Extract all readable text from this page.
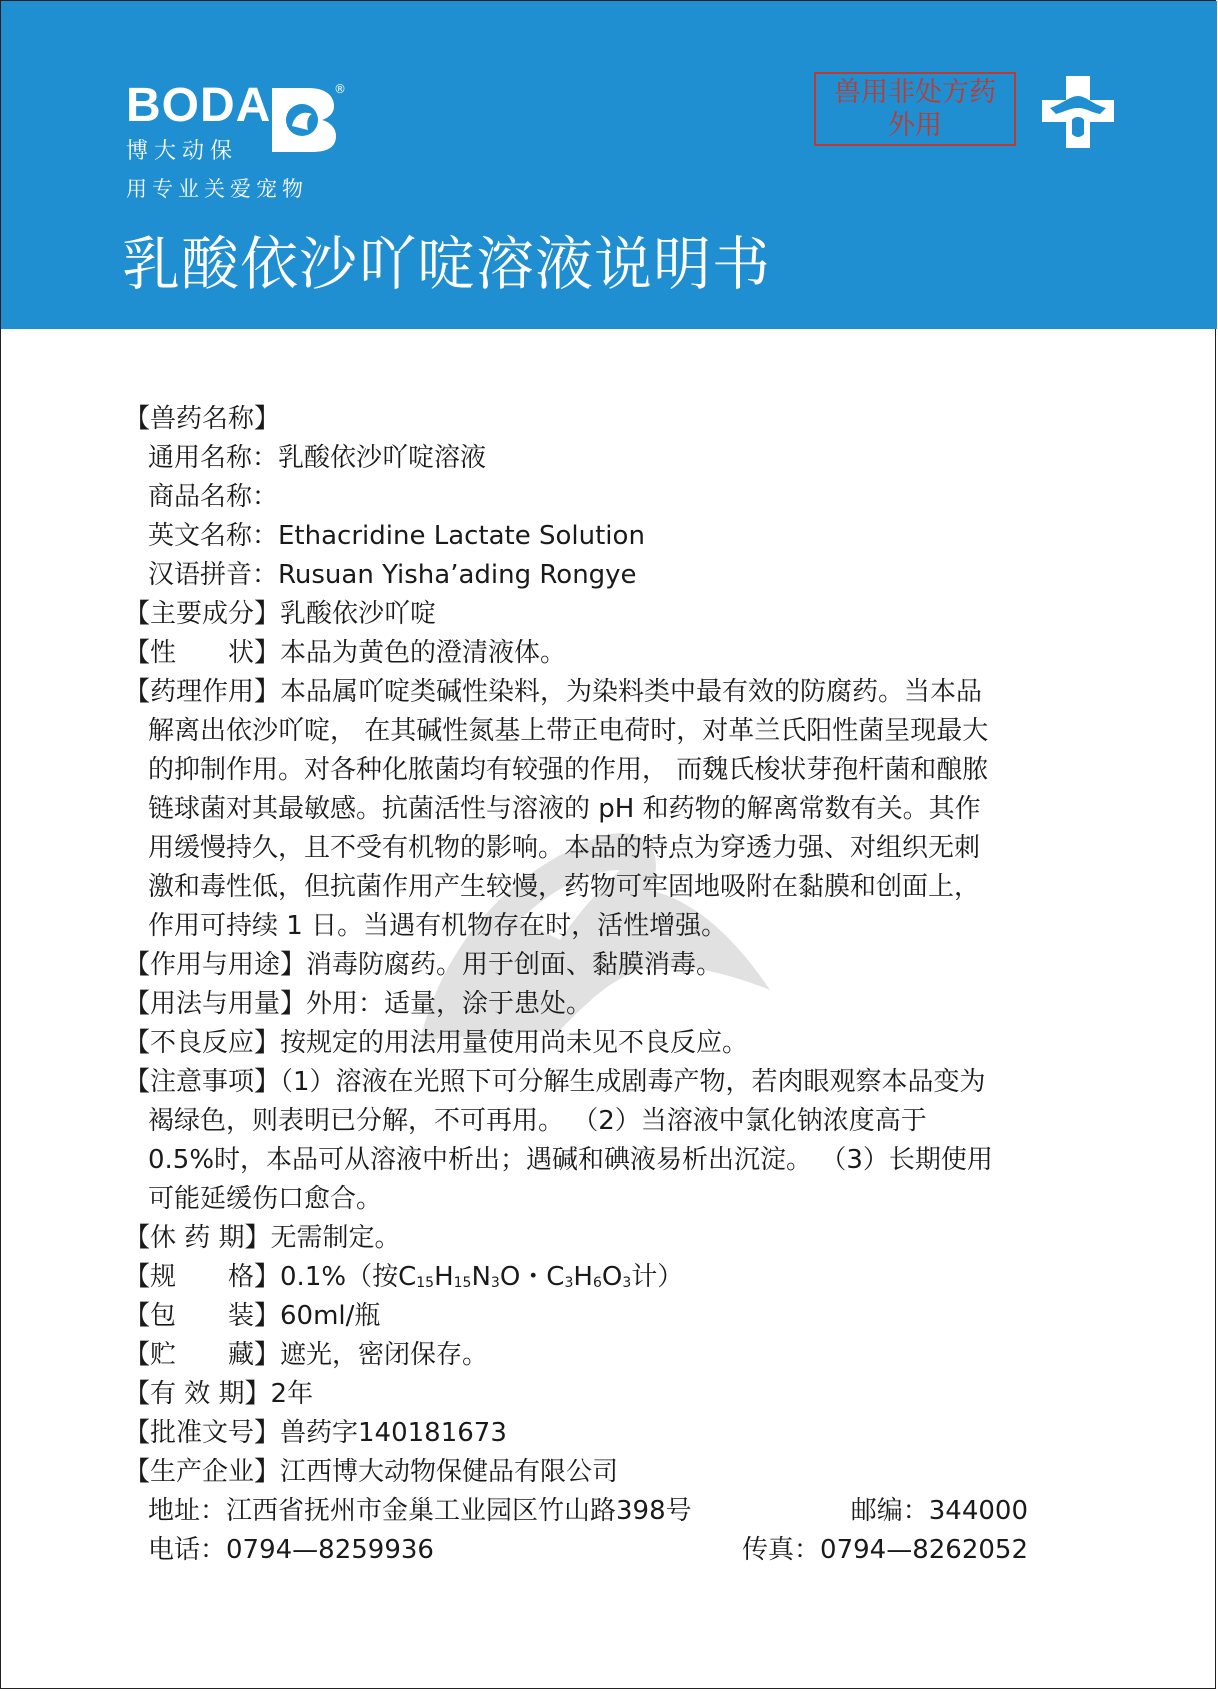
BODA
博大动保
用专业关爱宠物
®	兽用非处方药
外用
乳酸依沙吖啶溶液说明书
【兽药名称】
通用名称：乳酸依沙吖啶溶液
商品名称：
英文名称：Ethacridine Lactate Solution
汉语拼音：Rusuan Yisha’ading Rongye
【主要成分】乳酸依沙吖啶
【性　　状】本品为黄色的澄清液体。
【药理作用】本品属吖啶类碱性染料，为染料类中最有效的防腐药。当本品
解离出依沙吖啶， 在其碱性氮基上带正电荷时，对革兰氏阳性菌呈现最大
的抑制作用。对各种化脓菌均有较强的作用， 而魏氏梭状芽孢杆菌和酿脓
链球菌对其最敏感。抗菌活性与溶液的 pH 和药物的解离常数有关。其作
用缓慢持久，且不受有机物的影响。本品的特点为穿透力强、对组织无刺
激和毒性低，但抗菌作用产生较慢，药物可牢固地吸附在黏膜和创面上，
作用可持续 1 日。当遇有机物存在时，活性增强。
【作用与用途】消毒防腐药。用于创面、黏膜消毒。
【用法与用量】外用：适量，涂于患处。
【不良反应】按规定的用法用量使用尚未见不良反应。
【注意事项】（1）溶液在光照下可分解生成剧毒产物，若肉眼观察本品变为
褐绿色，则表明已分解，不可再用。 （2）当溶液中氯化钠浓度高于
0.5%时，本品可从溶液中析出；遇碱和碘液易析出沉淀。 （3）长期使用
可能延缓伤口愈合。
【休 药 期】无需制定。
【规　　格】0.1%（按$C_{15}H_{15}N_3O$・$C_3H_6O_3$计）
【包　　装】60ml/瓶
【贮　　藏】遮光，密闭保存。
【有 效 期】2年
【批准文号】兽药字140181673
【生产企业】江西博大动物保健品有限公司
地址：江西省抚州市金巢工业园区竹山路398号	邮编：344000
电话：0794—8259936	传真：0794—8262052
